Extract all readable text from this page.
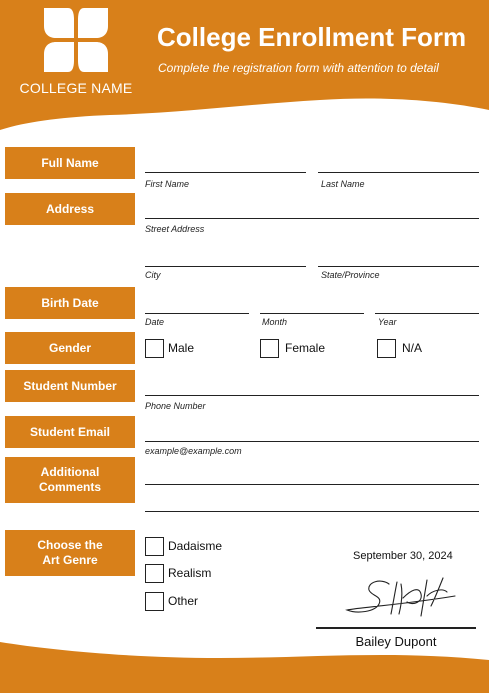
COLLEGE NAME
College Enrollment Form
Complete the registration form with attention to detail
Full Name
First Name	Last Name
Address
Street Address
City	State/Province
Birth Date
Date	Month	Year
Gender	Male	Female	N/A
Student Number
Phone Number
Student Email
example@example.com
Additional
Comments
Choose the
Art Genre
Dadaisme
Realism
Other
September 30, 2024
Bailey Dupont
